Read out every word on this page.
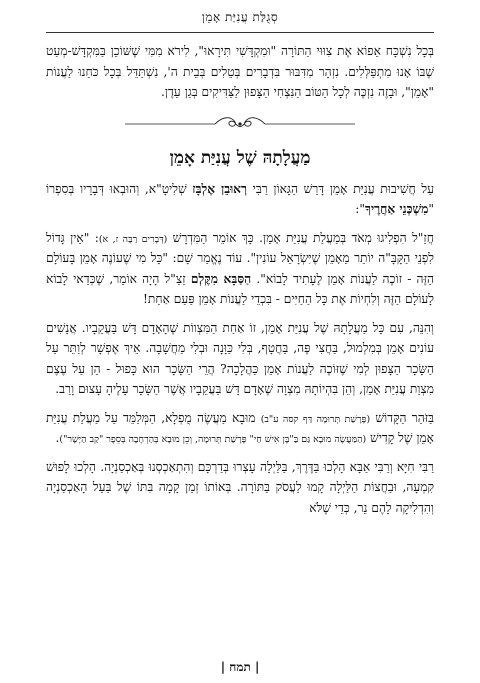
סְגֻלַּת עֲנִיַּת אָמֵן

בְּכָל נִשְׁכָּח אֵפוֹא אֶת צִוּוּי הַתּוֹרָה "וּמִקְדָּשִׁי תִּירָאוּ", לִירֹא מִמִּי שֶׁשּׁוֹכֵן בַּמִּקְדָּשׁ-מְעַט שֶׁבּוֹ אָנוּ מִתְפַּלְּלִים. נִזְהָר מִדִּבּוּר בִּדְבָרִים בְּטֵלִים בְּבֵית ה', נִשְׁתַּדֵּל בְּכָל כֹּחֵנוּ לַעֲנוֹת "אָמֵן", וּבָזֶה נִזְכֶּה לְכָל הַטּוֹב הַנִּצְחִי הַצָּפוּן לַצַּדִּיקִים בְּגַן עֵדֶן.

מַעֲלָתָהּ שֶׁל עֲנִיַּת אָמֵן

עַל חֲשִׁיבוּת עֲנִיַּת אָמֵן דָּרַשׁ הַגָּאוֹן רַבִּי רְאוּבֵן אֶלְבָּז שְׁלִיטָ"א, וְהוּבְאוּ דְּבָרָיו בְּסִפְרוֹ "מִשְׁכְּנֵי אַחֲרֶיךָ":

חֲזַ"ל הִפְלִיגוּ מְאֹד בְּמַעֲלַת עֲנִיַּת אָמֵן. כָּךְ אוֹמֵר הַמִּדְרָשׁ (דְּבָרִים רַבָּה ז, א): "אֵין גָּדוֹל לִפְנֵי הַקָּבָּ"ה יוֹתֵר מֵאָמֵן שֶׁיִּשְׂרָאֵל עוֹנִין". עוֹד נֶאֱמַר שָׁם: "כָּל מִי שֶׁעוֹנֶה אָמֵן בָּעוֹלָם הַזֶּה - זוֹכֶה לַעֲנוֹת אָמֵן לֶעָתִיד לָבוֹא". הַסַּבָּא מִקֶּלְם זַצַ"ל הָיָה אוֹמֵר, שֶׁכְּדַאי לָבוֹא לָעוֹלָם הַזֶּה וְלִחְיוֹת אֶת כָּל הַחַיִּים - בִּכְדֵי לַעֲנוֹת אָמֵן פַּעַם אַחַת!

וְהִנֵּה, עִם כָּל מַעֲלָתָהּ שֶׁל עֲנִיַּת אָמֵן, זוֹ אַחַת הַמִּצְווֹת שֶׁהָאָדָם דָּשׁ בַּעֲקֵבָיו. אֲנָשִׁים עוֹנִים אָמֵן בְּמִלְמוּל, בַּחֲצִי פֶּה, בַּחֲטָף, בְּלִי כַּוָּנָה וּבְלִי מַחֲשָׁבָה. אֵיךְ אֶפְשָׁר לְוַתֵּר עַל הַשָּׂכָר הַצָּפוּן לְמִי שֶׁזּוֹכֶה לַעֲנוֹת אָמֵן כַּהֲלָכָה? הֲרֵי הַשָּׂכָר הוּא כָּפוּל - הֵן עַל עֶצֶם מִצְוַת עֲנִיַּת אָמֵן, וְהֵן בִּהְיוֹתָהּ מִצְוָה שֶׁאָדָם דָּשׁ בַּעֲקֵבָיו אֲשֶׁר הַשָּׂכָר עָלֶיהָ עָצוּם וָרַב.

בַּזֹּהַר הַקָּדוֹשׁ (פָּרָשַׁת תְּרוּמָה דַּף קסה ע"ב) מוּבָא מַעֲשֶׂה מֻפְלָא, הַמְּלַמֵּד עַל מַעֲלַת עֲנִיַּת אָמֵן שֶׁל קָדִישׁ (הַמַּעֲשֶׂה מוּבָא גַּם בַּ"בֶּן אִישׁ חַי" פָּרָשַׁת תְּרוּמָה, וְכֵן מוּבָא בְּהַרְחָבָה בְּסֵפֶר "קַב הַיָּשָׁר").

רַבִּי חִיָּא וְרַבִּי אַבָּא הָלְכוּ בַּדֶּרֶךְ, בַּלַּיְלָה עָצְרוּ בְּדַרְכָּם וְהִתְאַכְסְנוּ בְּאַכְסַנְיָה. הָלְכוּ לָפוּשׁ קִמְעָה, וּבַחֲצוֹת הַלַּיְלָה קָמוּ לַעֲסֹק בַּתּוֹרָה. בְּאוֹתוֹ זְמַן קָמָה בִּתּוֹ שֶׁל בַּעַל הָאַכְסַנְיָה וְהִדְלִיקָה לָהֶם נֵר, כְּדֵי שֶׁלֹּא

| תמח |
